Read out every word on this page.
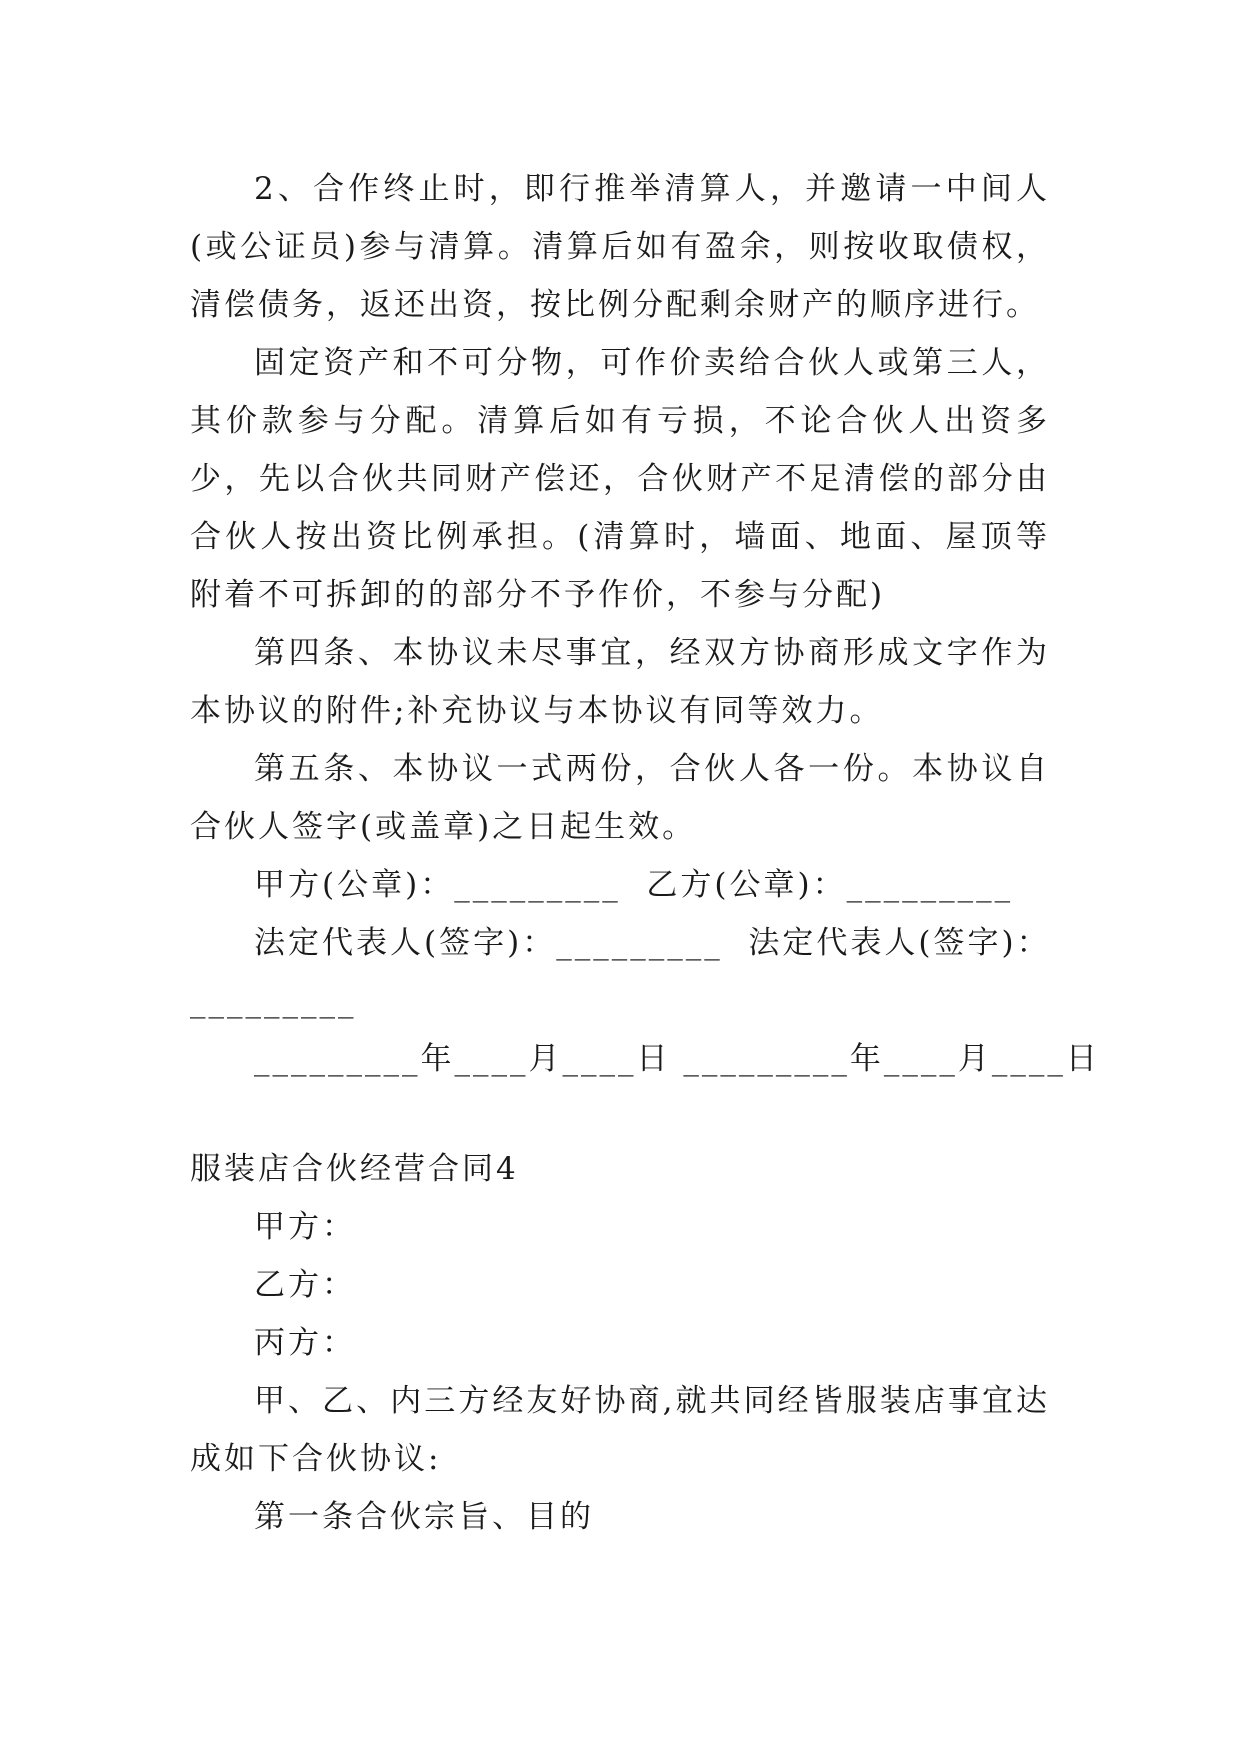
2、合作终止时，即行推举清算人，并邀请一中间人(或公证员)参与清算。清算后如有盈余，则按收取债权，清偿债务，返还出资，按比例分配剩余财产的顺序进行。

固定资产和不可分物，可作价卖给合伙人或第三人，其价款参与分配。清算后如有亏损，不论合伙人出资多少，先以合伙共同财产偿还，合伙财产不足清偿的部分由合伙人按出资比例承担。(清算时，墙面、地面、屋顶等附着不可拆卸的的部分不予作价，不参与分配)

第四条、本协议未尽事宜，经双方协商形成文字作为本协议的附件;补充协议与本协议有同等效力。

第五条、本协议一式两份，合伙人各一份。本协议自合伙人签字(或盖章)之日起生效。

甲方(公章)：_________  乙方(公章)：_________

法定代表人(签字)：_________  法定代表人(签字)：

_________

_________年____月____日 _________年____月____日

服装店合伙经营合同4

甲方：

乙方：

丙方：

甲、乙、内三方经友好协商,就共同经皆服装店事宜达成如下合伙协议:

第一条合伙宗旨、目的
